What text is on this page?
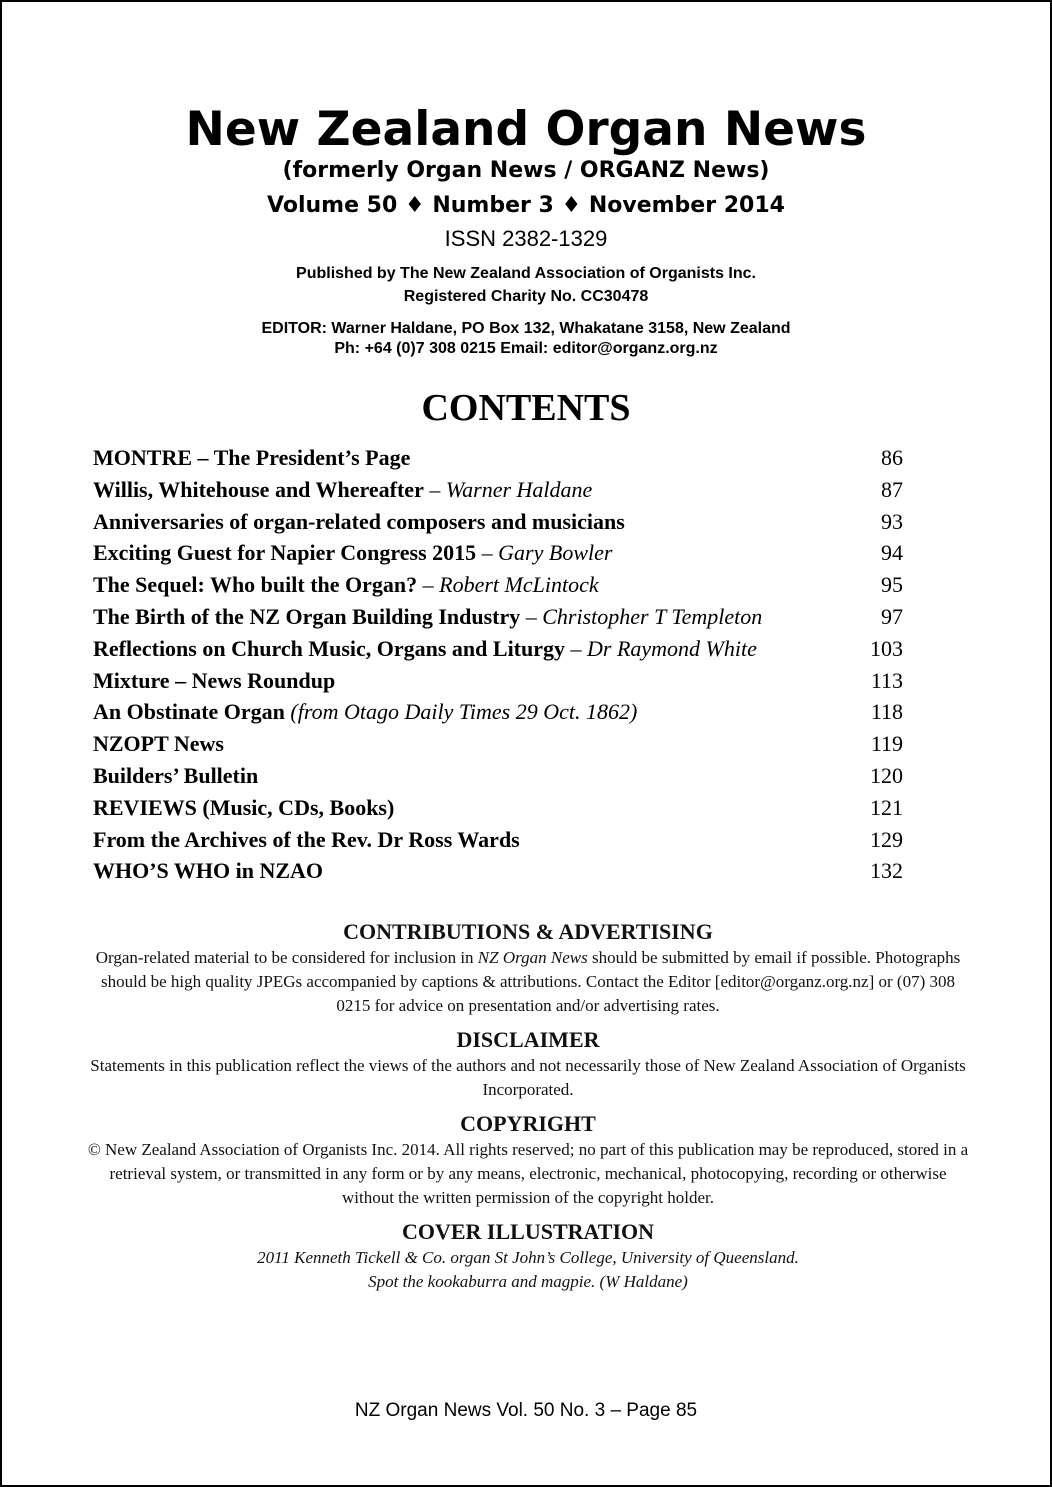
New Zealand Organ News
(formerly Organ News / ORGANZ News)
Volume 50 ♦ Number 3 ♦ November 2014
ISSN 2382-1329
Published by The New Zealand Association of Organists Inc.
Registered Charity No. CC30478
EDITOR: Warner Haldane, PO Box 132, Whakatane 3158, New Zealand
Ph: +64 (0)7 308 0215 Email: editor@organz.org.nz
CONTENTS
MONTRE – The President’s Page	86
Willis, Whitehouse and Whereafter – Warner Haldane	87
Anniversaries of organ-related composers and musicians	93
Exciting Guest for Napier Congress 2015 – Gary Bowler	94
The Sequel: Who built the Organ? – Robert McLintock	95
The Birth of the NZ Organ Building Industry – Christopher T Templeton	97
Reflections on Church Music, Organs and Liturgy – Dr Raymond White	103
Mixture – News Roundup	113
An Obstinate Organ (from Otago Daily Times 29 Oct. 1862)	118
NZOPT News	119
Builders’ Bulletin	120
REVIEWS (Music, CDs, Books)	121
From the Archives of the Rev. Dr Ross Wards	129
WHO’S WHO in NZAO	132
CONTRIBUTIONS & ADVERTISING

Organ-related material to be considered for inclusion in NZ Organ News should be submitted by email if possible. Photographs should be high quality JPEGs accompanied by captions & attributions. Contact the Editor [editor@organz.org.nz] or (07) 308 0215 for advice on presentation and/or advertising rates.

DISCLAIMER

Statements in this publication reflect the views of the authors and not necessarily those of New Zealand Association of Organists Incorporated.

COPYRIGHT

© New Zealand Association of Organists Inc. 2014. All rights reserved; no part of this publication may be reproduced, stored in a retrieval system, or transmitted in any form or by any means, electronic, mechanical, photocopying, recording or otherwise without the written permission of the copyright holder.

COVER ILLUSTRATION

2011 Kenneth Tickell & Co. organ St John’s College, University of Queensland.
Spot the kookaburra and magpie. (W Haldane)

NZ Organ News Vol. 50 No. 3 – Page 85
